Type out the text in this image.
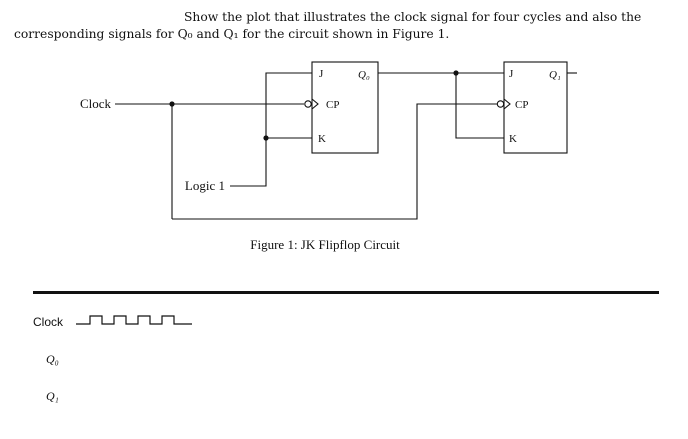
Show the plot that illustrates the clock signal for four cycles and also the
corresponding signals for Q₀ and Q₁ for the circuit shown in Figure 1.
Clock
Logic 1
J
CP
K
Q₀	J
CP
K
Q₁
Figure 1: JK Flipflop Circuit
Clock
Q₀
Q₁
